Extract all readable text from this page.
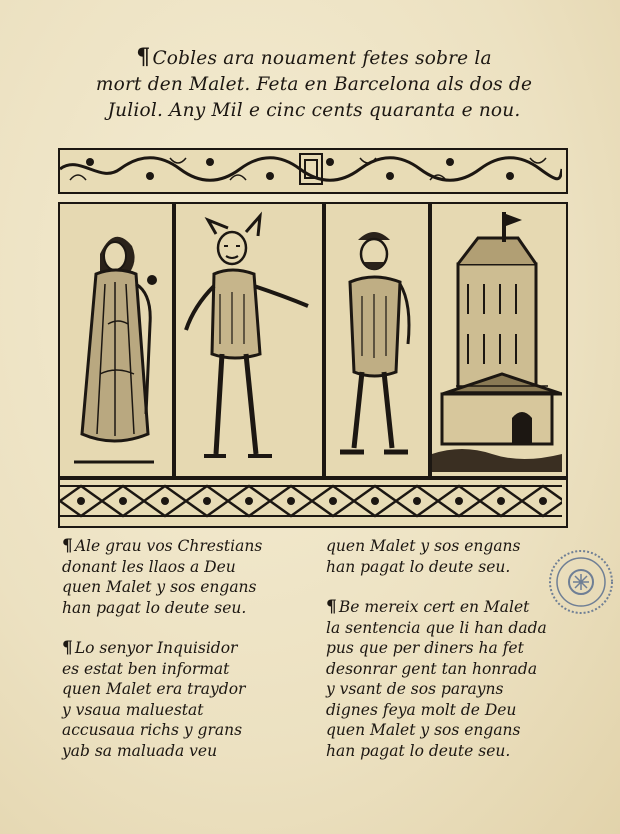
¶ Cobles ara nouament fetes sobre la
mort den Malet. Feta en Barcelona als dos de
Juliol. Any Mil e cinc cents quaranta e nou.
¶ Ale grau vos Chrestians
donant les llaos a Deu
quen Malet y sos engans
han pagat lo deute seu.
¶ Lo senyor Inquisidor
es estat ben informat
quen Malet era traydor
y vsaua maluestat
accusaua richs y grans
yab sa maluada veu
quen Malet y sos engans
han pagat lo deute seu.
¶ Be mereix cert en Malet
la sentencia que li han dada
pus que per diners ha fet
desonrar gent tan honrada
y vsant de sos parayns
dignes feya molt de Deu
quen Malet y sos engans
han pagat lo deute seu.
